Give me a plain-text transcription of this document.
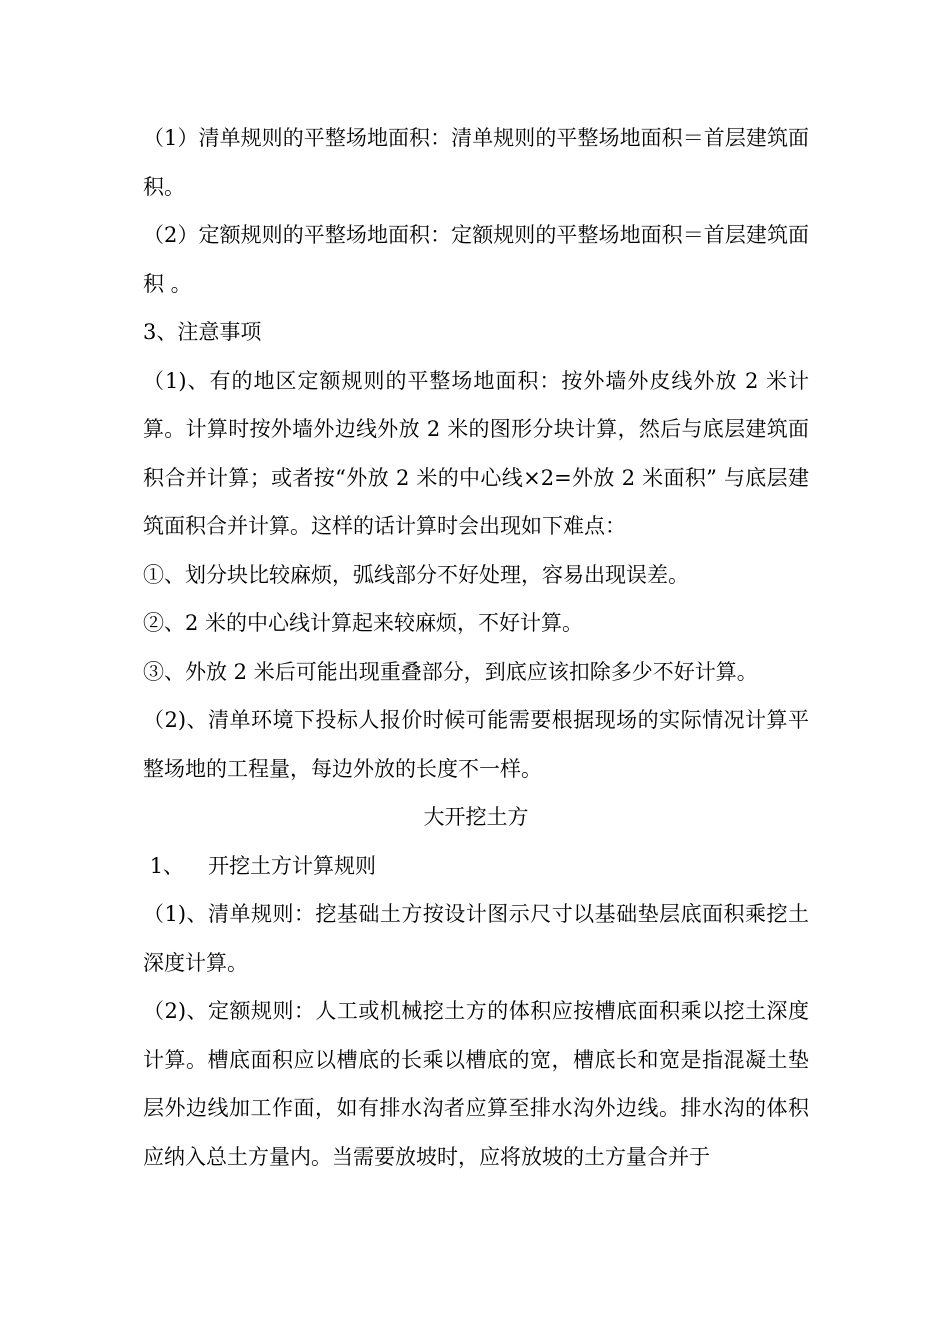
（1）清单规则的平整场地面积：清单规则的平整场地面积＝首层建筑面积。

（2）定额规则的平整场地面积：定额规则的平整场地面积＝首层建筑面积 。

3、注意事项

（1)、有的地区定额规则的平整场地面积：按外墙外皮线外放 2 米计算。计算时按外墙外边线外放 2 米的图形分块计算，然后与底层建筑面积合并计算；或者按“外放 2 米的中心线×2=外放 2 米面积” 与底层建筑面积合并计算。这样的话计算时会出现如下难点：

①、划分块比较麻烦，弧线部分不好处理，容易出现误差。

②、2 米的中心线计算起来较麻烦，不好计算。

③、外放 2 米后可能出现重叠部分，到底应该扣除多少不好计算。

（2)、清单环境下投标人报价时候可能需要根据现场的实际情况计算平整场地的工程量，每边外放的长度不一样。

大开挖土方

1、 开挖土方计算规则

（1)、清单规则：挖基础土方按设计图示尺寸以基础垫层底面积乘挖土深度计算。

（2)、定额规则：人工或机械挖土方的体积应按槽底面积乘以挖土深度计算。槽底面积应以槽底的长乘以槽底的宽，槽底长和宽是指混凝土垫层外边线加工作面，如有排水沟者应算至排水沟外边线。排水沟的体积应纳入总土方量内。当需要放坡时，应将放坡的土方量合并于
